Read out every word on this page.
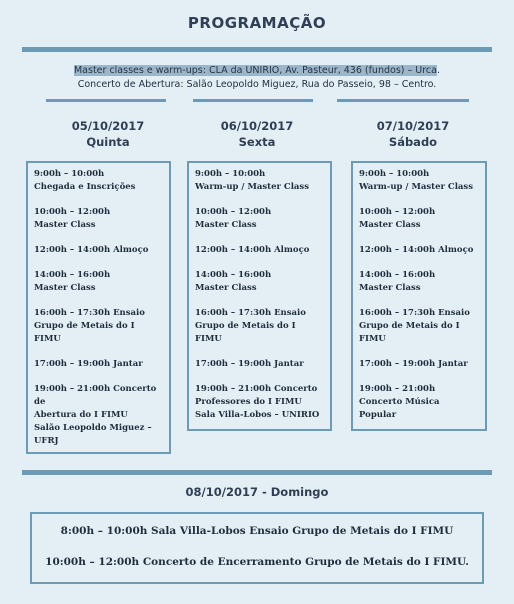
PROGRAMAÇÃO
Master classes e warm-ups: CLA da UNIRIO, Av. Pasteur, 436 (fundos) – Urca.
Concerto de Abertura: Salão Leopoldo Miguez, Rua do Passeio, 98 – Centro.
05/10/2017
Quinta
06/10/2017
Sexta
07/10/2017
Sábado
9:00h – 10:00h
Chegada e Inscrições
10:00h – 12:00h
Master Class
12:00h – 14:00h Almoço
14:00h – 16:00h
Master Class
16:00h – 17:30h Ensaio
Grupo de Metais do I FIMU
17:00h – 19:00h Jantar
19:00h – 21:00h Concerto de
Abertura do I FIMU
Salão Leopoldo Miguez –
UFRJ
9:00h – 10:00h
Warm-up / Master Class
10:00h – 12:00h
Master Class
12:00h – 14:00h Almoço
14:00h – 16:00h
Master Class
16:00h – 17:30h Ensaio
Grupo de Metais do I FIMU
17:00h – 19:00h Jantar
19:00h – 21:00h Concerto
Professores do I FIMU
Sala Villa-Lobos – UNIRIO
9:00h – 10:00h
Warm-up / Master Class
10:00h – 12:00h
Master Class
12:00h – 14:00h Almoço
14:00h – 16:00h
Master Class
16:00h – 17:30h Ensaio
Grupo de Metais do I FIMU
17:00h – 19:00h Jantar
19:00h – 21:00h
Concerto Música Popular
08/10/2017 - Domingo
8:00h – 10:00h Sala Villa-Lobos Ensaio Grupo de Metais do I FIMU
10:00h – 12:00h Concerto de Encerramento Grupo de Metais do I FIMU.
